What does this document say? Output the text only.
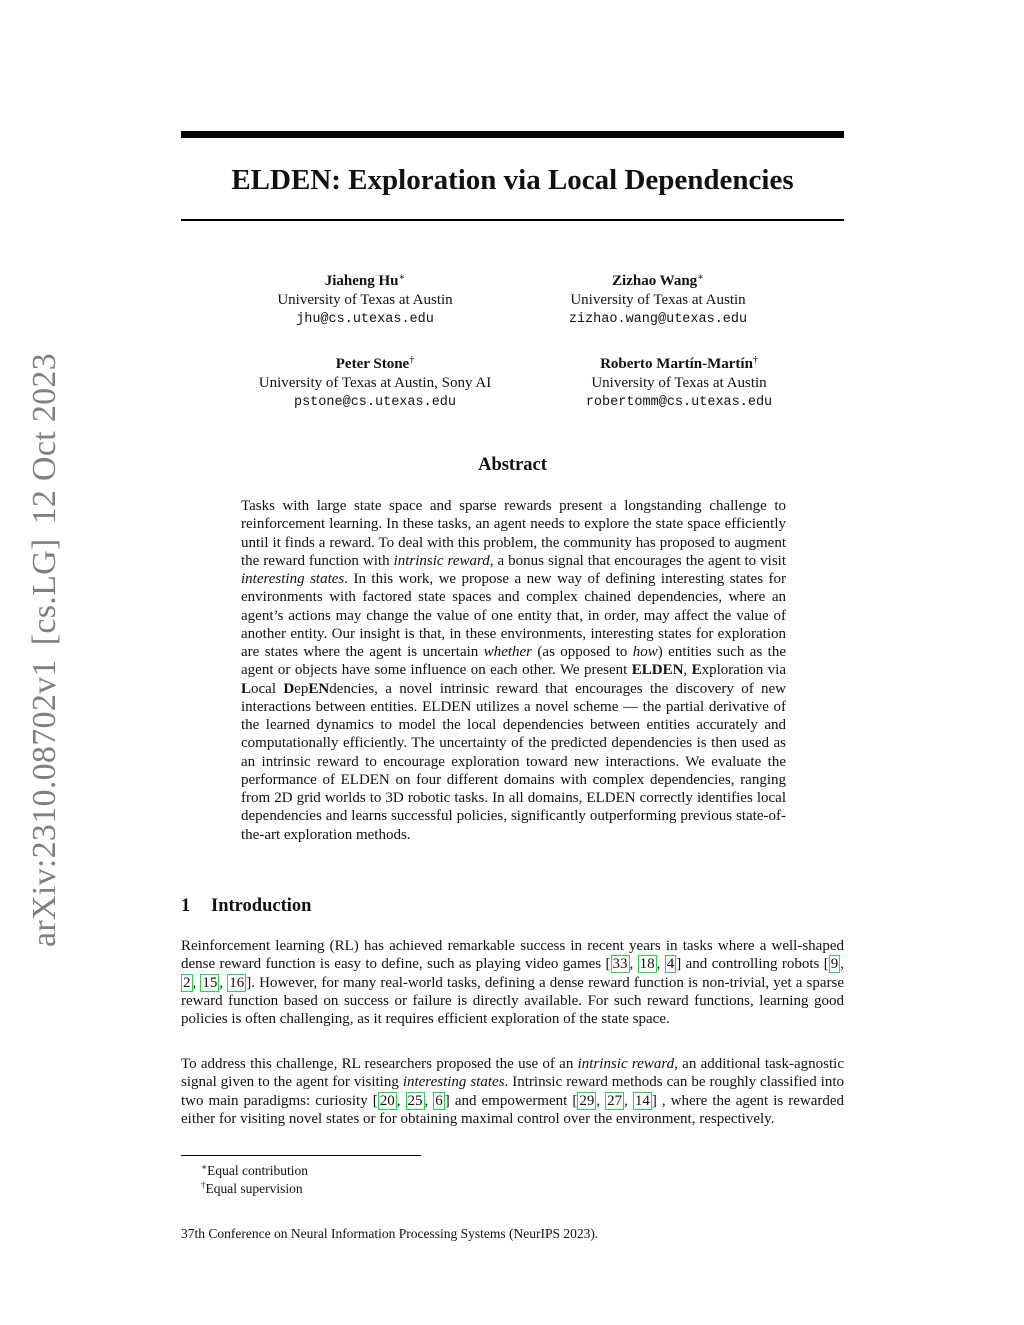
arXiv:2310.08702v1[cs.LG]12 Oct 2023
ELDEN: Exploration via Local Dependencies
Jiaheng Hu∗
University of Texas at Austin
jhu@cs.utexas.edu
Zizhao Wang∗
University of Texas at Austin
zizhao.wang@utexas.edu
Peter Stone†
University of Texas at Austin, Sony AI
pstone@cs.utexas.edu
Roberto Martín-Martín†
University of Texas at Austin
robertomm@cs.utexas.edu
Abstract
Tasks with large state space and sparse rewards present a longstanding challenge to reinforcement learning. In these tasks, an agent needs to explore the state space efficiently until it finds a reward. To deal with this problem, the community has proposed to augment the reward function with intrinsic reward, a bonus signal that encourages the agent to visit interesting states. In this work, we propose a new way of defining interesting states for environments with factored state spaces and complex chained dependencies, where an agent’s actions may change the value of one entity that, in order, may affect the value of another entity. Our insight is that, in these environments, interesting states for exploration are states where the agent is uncertain whether (as opposed to how) entities such as the agent or objects have some influence on each other. We present ELDEN, Exploration via Local DepENdencies, a novel intrinsic reward that encourages the discovery of new interactions between entities. ELDEN utilizes a novel scheme — the partial derivative of the learned dynamics to model the local dependencies between entities accurately and computationally efficiently. The uncertainty of the predicted dependencies is then used as an intrinsic reward to encourage exploration toward new interactions. We evaluate the performance of ELDEN on four different domains with complex dependencies, ranging from 2D grid worlds to 3D robotic tasks. In all domains, ELDEN correctly identifies local dependencies and learns successful policies, significantly outperforming previous state-of-the-art exploration methods.
1 Introduction
Reinforcement learning (RL) has achieved remarkable success in recent years in tasks where a well-shaped dense reward function is easy to define, such as playing video games [ 33 , 18 , 4 ] and controlling robots [ 9 , 2 , 15 , 16 ]. However, for many real-world tasks, defining a dense reward function is non-trivial, yet a sparse reward function based on success or failure is directly available. For such reward functions, learning good policies is often challenging, as it requires efficient exploration of the state space.
To address this challenge, RL researchers proposed the use of an intrinsic reward, an additional task-agnostic signal given to the agent for visiting interesting states. Intrinsic reward methods can be roughly classified into two main paradigms: curiosity [ 20 , 25 , 6 ] and empowerment [ 29 , 27 , 14 ] , where the agent is rewarded either for visiting novel states or for obtaining maximal control over the environment, respectively.
∗Equal contribution
†Equal supervision
37th Conference on Neural Information Processing Systems (NeurIPS 2023).
